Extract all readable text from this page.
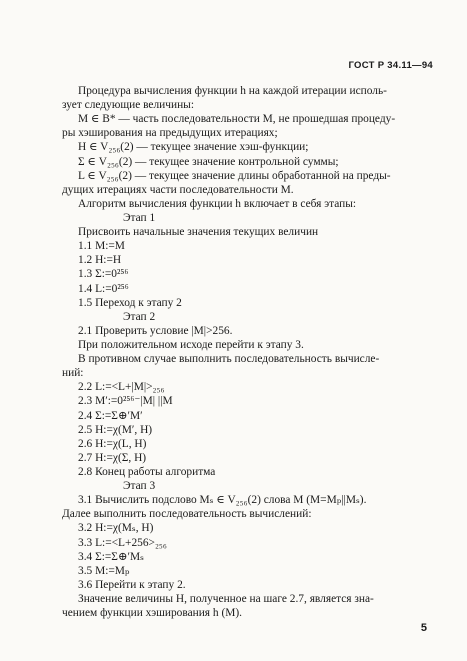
ГОСТ Р 34.11—94
Процедура вычисления функции h на каждой итерации исполь-
зует следующие величины:
M ∈ B* — часть последовательности M, не прошедшая процеду-
ры хэширования на предыдущих итерациях;
H ∈ V₂₅₆(2) — текущее значение хэш-функции;
Σ ∈ V₂₅₆(2) — текущее значение контрольной суммы;
L ∈ V₂₅₆(2) — текущее значение длины обработанной на преды-
дущих итерациях части последовательности M.
Алгоритм вычисления функции h включает в себя этапы:
Этап 1
Присвоить начальные значения текущих величин
1.1 M:=M
1.2 H:=H
1.3 Σ:=0²⁵⁶
1.4 L:=0²⁵⁶
1.5 Переход к этапу 2
Этап 2
2.1 Проверить условие |M|>256.
При положительном исходе перейти к этапу 3.
В противном случае выполнить последовательность вычисле-
ний:
2.2 L:=<L+|M|>₂₅₆
2.3 M′:=0²⁵⁶⁻|M| ||M
2.4 Σ:=Σ⊕′M′
2.5 H:=χ(M′, H)
2.6 H:=χ(L, H)
2.7 H:=χ(Σ, H)
2.8 Конец работы алгоритма
Этап 3
3.1 Вычислить подслово Mₛ ∈ V₂₅₆(2) слова M (M=Mₚ||Mₛ).
Далее выполнить последовательность вычислений:
3.2 H:=χ(Mₛ, H)
3.3 L:=<L+256>₂₅₆
3.4 Σ:=Σ⊕′Mₛ
3.5 M:=Mₚ
3.6 Перейти к этапу 2.
Значение величины H, полученное на шаге 2.7, является зна-
чением функции хэширования h (M).
5
